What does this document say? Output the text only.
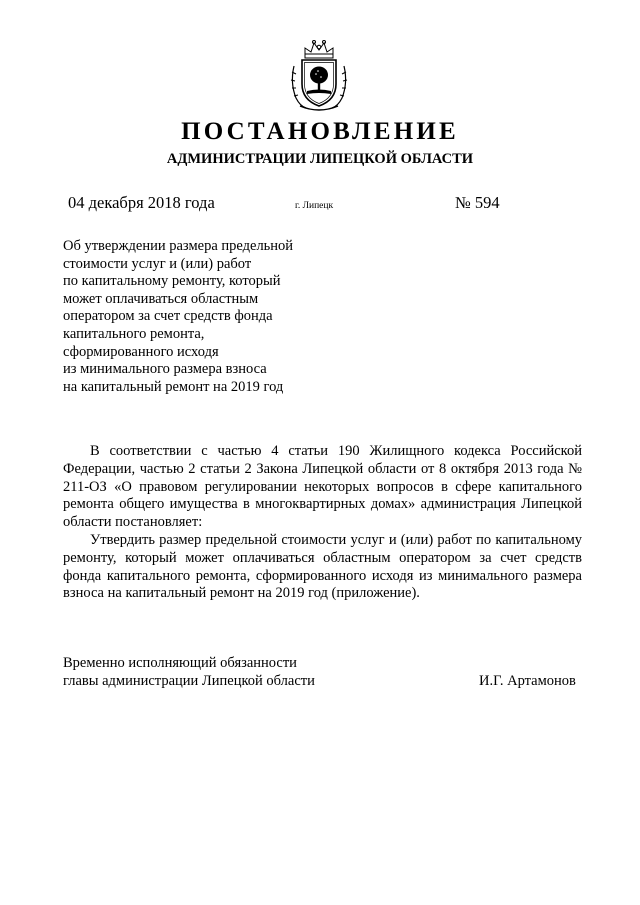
ПОСТАНОВЛЕНИЕ
АДМИНИСТРАЦИИ ЛИПЕЦКОЙ ОБЛАСТИ
04 декабря 2018 года	г. Липецк	№ 594
Об утверждении размера предельной
стоимости услуг и (или) работ
по капитальному ремонту, который
может оплачиваться областным
оператором за счет средств фонда
капитального ремонта,
сформированного исходя
из минимального размера взноса
на капитальный ремонт на 2019 год

В соответствии с частью 4 статьи 190 Жилищного кодекса Российской Федерации, частью 2 статьи 2 Закона Липецкой области от 8 октября 2013 года № 211-ОЗ «О правовом регулировании некоторых вопросов в сфере капитального ремонта общего имущества в многоквартирных домах» администрация Липецкой области постановляет:

Утвердить размер предельной стоимости услуг и (или) работ по капитальному ремонту, который может оплачиваться областным оператором за счет средств фонда капитального ремонта, сформированного исходя из минимального размера взноса на капитальный ремонт на 2019 год (приложение).

Временно исполняющий обязанности
главы администрации Липецкой области	И.Г. Артамонов
